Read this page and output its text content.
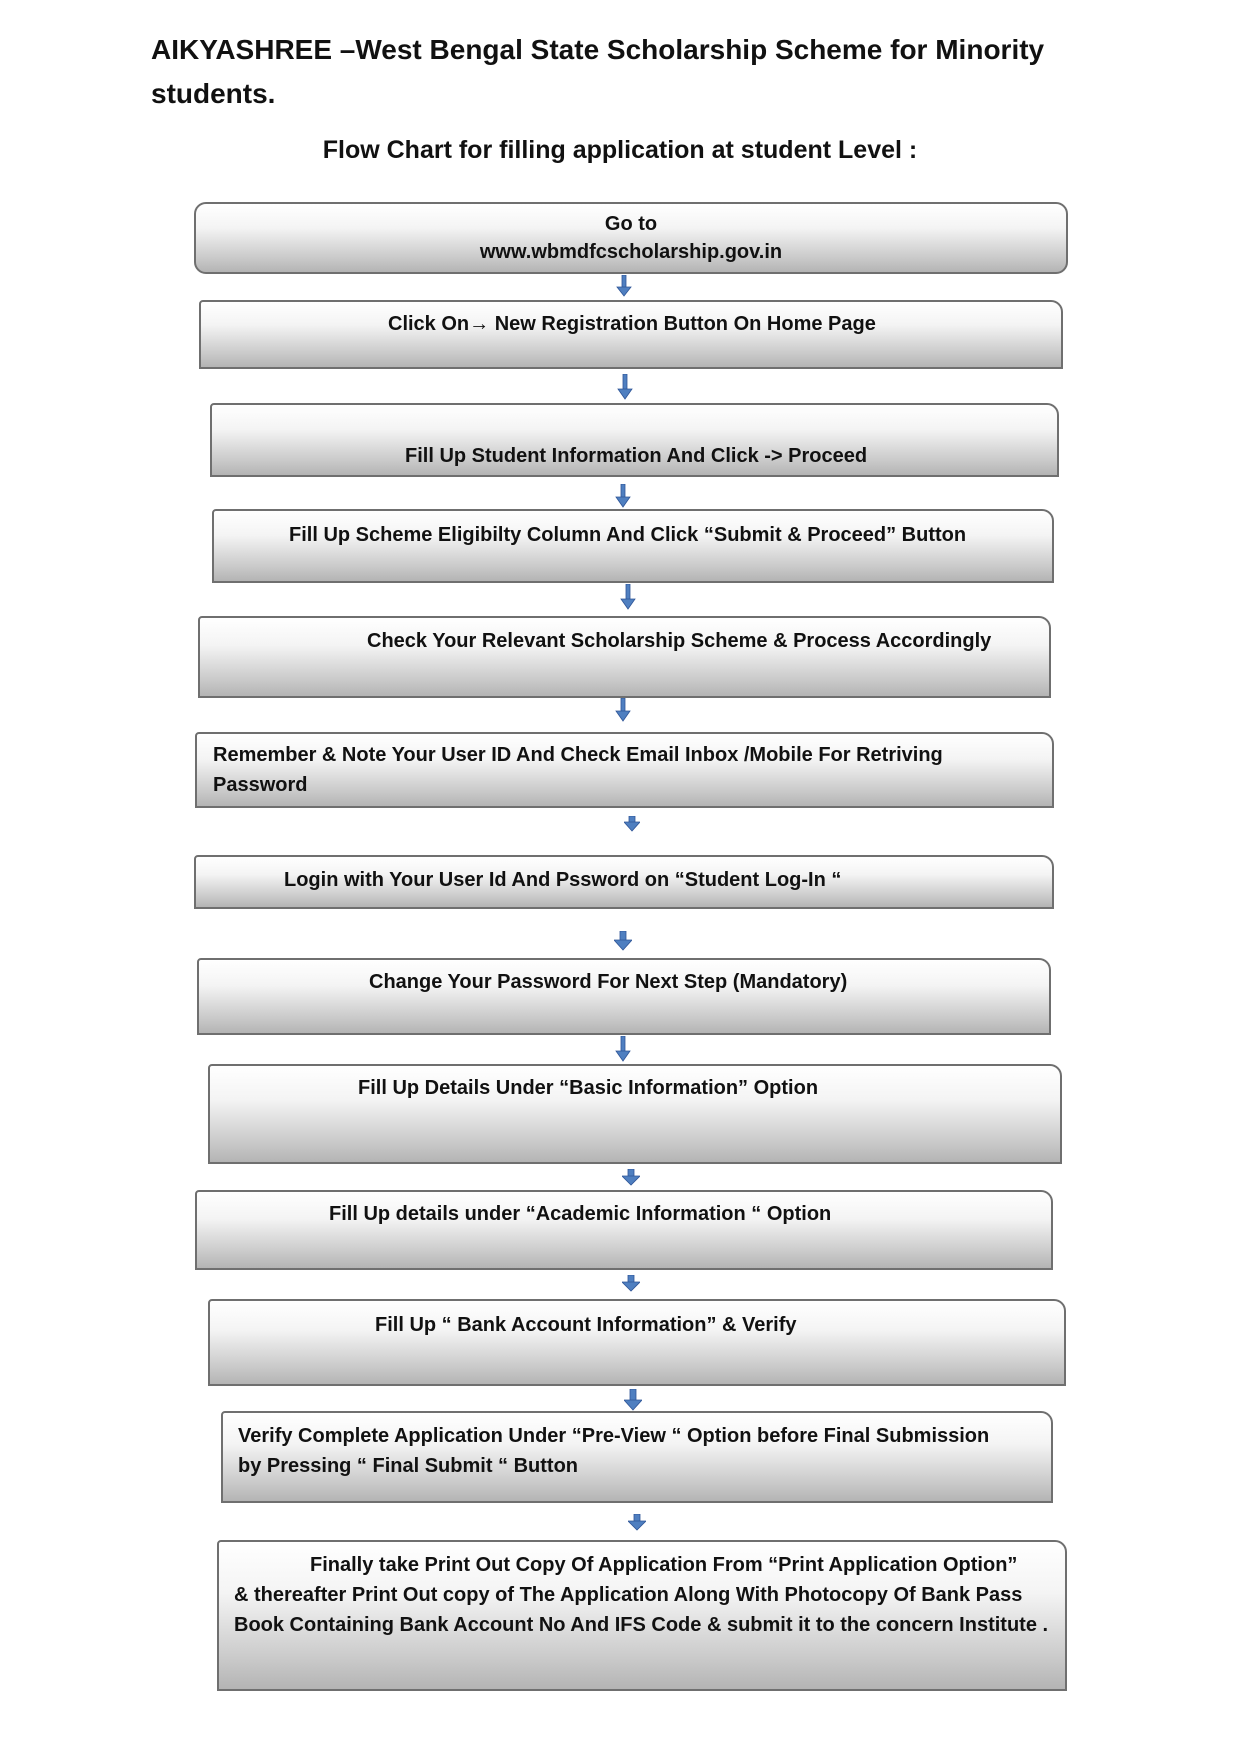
AIKYASHREE –West Bengal State Scholarship Scheme for Minority students.
Flow Chart for filling application at student Level :
Go to
www.wbmdfcscholarship.gov.in
Click On→ New Registration Button On Home Page
Fill Up Student Information And Click -> Proceed
Fill Up Scheme Eligibilty Column And Click “Submit & Proceed” Button
Check Your Relevant Scholarship Scheme & Process Accordingly
Remember & Note Your User ID And Check Email Inbox /Mobile For Retriving
Password
Login with Your User Id And Pssword on “Student Log-In “
Change Your Password For Next Step (Mandatory)
Fill Up Details Under “Basic Information” Option
Fill Up details under “Academic Information “ Option
Fill Up “ Bank Account Information” & Verify
Verify Complete Application Under “Pre-View “ Option before Final Submission
by Pressing “ Final Submit “ Button
Finally take Print Out Copy Of Application From “Print Application Option”
& thereafter Print Out copy of The Application Along With Photocopy Of Bank Pass
Book Containing Bank Account No And IFS Code & submit it to the concern Institute .
